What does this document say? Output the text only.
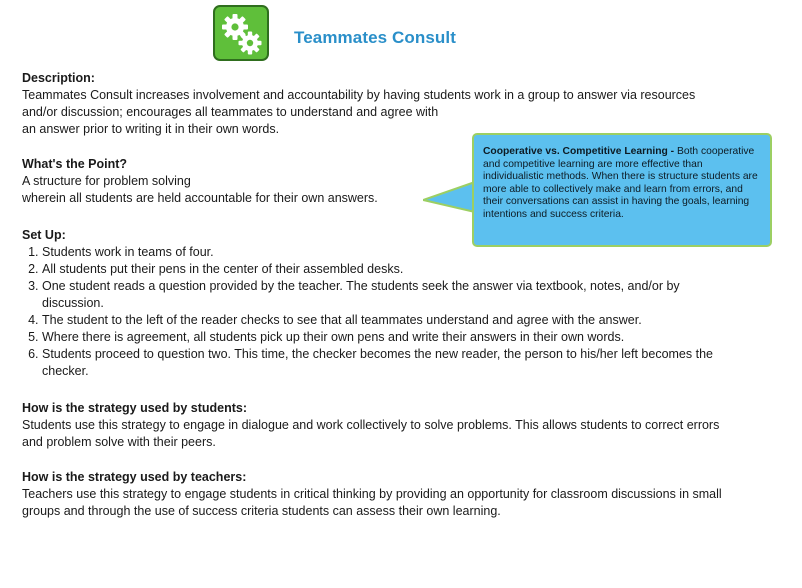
Teammates Consult
Description:
Teammates Consult increases involvement and accountability by having students work in a group to answer via resources
and/or discussion; encourages all teammates to understand and agree with
an answer prior to writing it in their own words.
What's the Point?
A structure for problem solving
wherein all students are held accountable for their own answers.
Cooperative vs. Competitive Learning - Both cooperative and competitive learning are more effective than individualistic methods. When there is structure students are more able to collectively make and learn from errors, and their conversations can assist in having the goals, learning intentions and success criteria.
Set Up:
1. Students work in teams of four.
2. All students put their pens in the center of their assembled desks.
3. One student reads a question provided by the teacher. The students seek the answer via textbook, notes, and/or by discussion.
4. The student to the left of the reader checks to see that all teammates understand and agree with the answer.
5. Where there is agreement, all students pick up their own pens and write their answers in their own words.
6. Students proceed to question two. This time, the checker becomes the new reader, the person to his/her left becomes the checker.
How is the strategy used by students:
Students use this strategy to engage in dialogue and work collectively to solve problems. This allows students to correct errors and problem solve with their peers.
How is the strategy used by teachers:
Teachers use this strategy to engage students in critical thinking by providing an opportunity for classroom discussions in small groups and through the use of success criteria students can assess their own learning.
